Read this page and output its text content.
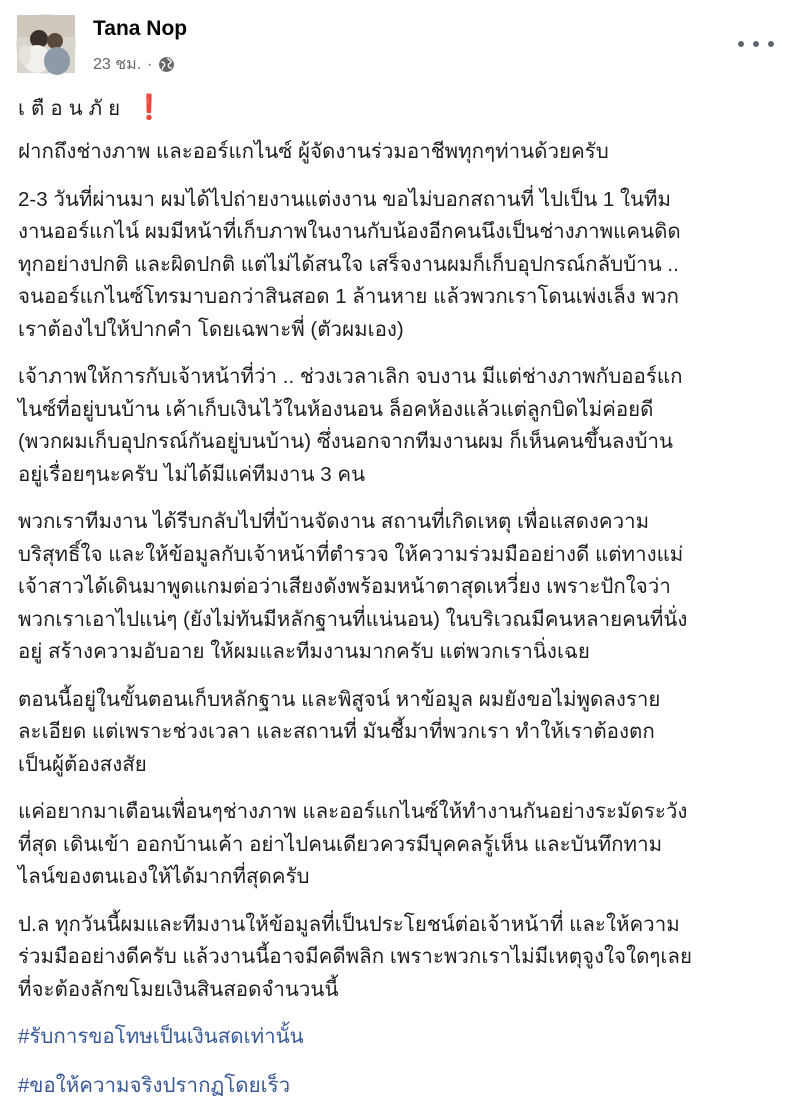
Tana Nop
23 ชม. ·
เตือนภัย ❗
ฝากถึงช่างภาพ และออร์แกไนซ์ ผู้จัดงานร่วมอาชีพทุกๆท่านด้วยครับ
2-3 วันที่ผ่านมา ผมได้ไปถ่ายงานแต่งงาน ขอไม่บอกสถานที่ ไปเป็น 1 ในทีม
งานออร์แกไน์ ผมมีหน้าที่เก็บภาพในงานกับน้องอีกคนนึงเป็นช่างภาพแคนดิด
ทุกอย่างปกติ และผิดปกติ แต่ไม่ได้สนใจ เสร็จงานผมก็เก็บอุปกรณ์กลับบ้าน ..
จนออร์แกไนซ์โทรมาบอกว่าสินสอด 1 ล้านหาย แล้วพวกเราโดนเพ่งเล็ง พวก
เราต้องไปให้ปากคำ โดยเฉพาะพี่ (ตัวผมเอง)
เจ้าภาพให้การกับเจ้าหน้าที่ว่า .. ช่วงเวลาเลิก จบงาน มีแต่ช่างภาพกับออร์แก
ไนซ์ที่อยู่บนบ้าน เค้าเก็บเงินไว้ในห้องนอน ล็อคห้องแล้วแต่ลูกบิดไม่ค่อยดี
(พวกผมเก็บอุปกรณ์กันอยู่บนบ้าน) ซึ่งนอกจากทีมงานผม ก็เห็นคนขึ้นลงบ้าน
อยู่เรื่อยๆนะครับ ไม่ได้มีแค่ทีมงาน 3 คน
พวกเราทีมงาน ได้รีบกลับไปที่บ้านจัดงาน สถานที่เกิดเหตุ เพื่อแสดงความ
บริสุทธิ์ใจ และให้ข้อมูลกับเจ้าหน้าที่ตำรวจ ให้ความร่วมมืออย่างดี แต่ทางแม่
เจ้าสาวได้เดินมาพูดแกมต่อว่าเสียงดังพร้อมหน้าตาสุดเหวี่ยง เพราะปักใจว่า
พวกเราเอาไปแน่ๆ (ยังไม่ทันมีหลักฐานที่แน่นอน) ในบริเวณมีคนหลายคนที่นั่ง
อยู่ สร้างความอับอาย ให้ผมและทีมงานมากครับ แต่พวกเรานิ่งเฉย
ตอนนี้อยู่ในขั้นตอนเก็บหลักฐาน และพิสูจน์ หาข้อมูล ผมยังขอไม่พูดลงราย
ละเอียด แต่เพราะช่วงเวลา และสถานที่ มันชี้มาที่พวกเรา ทำให้เราต้องตก
เป็นผู้ต้องสงสัย
แค่อยากมาเตือนเพื่อนๆช่างภาพ และออร์แกไนซ์ให้ทำงานกันอย่างระมัดระวัง
ที่สุด เดินเข้า ออกบ้านเค้า อย่าไปคนเดียวควรมีบุคคลรู้เห็น และบันทึกทาม
ไลน์ของตนเองให้ได้มากที่สุดครับ
ป.ล ทุกวันนี้ผมและทีมงานให้ข้อมูลที่เป็นประโยชน์ต่อเจ้าหน้าที่ และให้ความ
ร่วมมืออย่างดีครับ แล้วงานนี้อาจมีคดีพลิก เพราะพวกเราไม่มีเหตุจูงใจใดๆเลย
ที่จะต้องลักขโมยเงินสินสอดจำนวนนี้
#รับการขอโทษเป็นเงินสดเท่านั้น
#ขอให้ความจริงปรากฏโดยเร็ว
